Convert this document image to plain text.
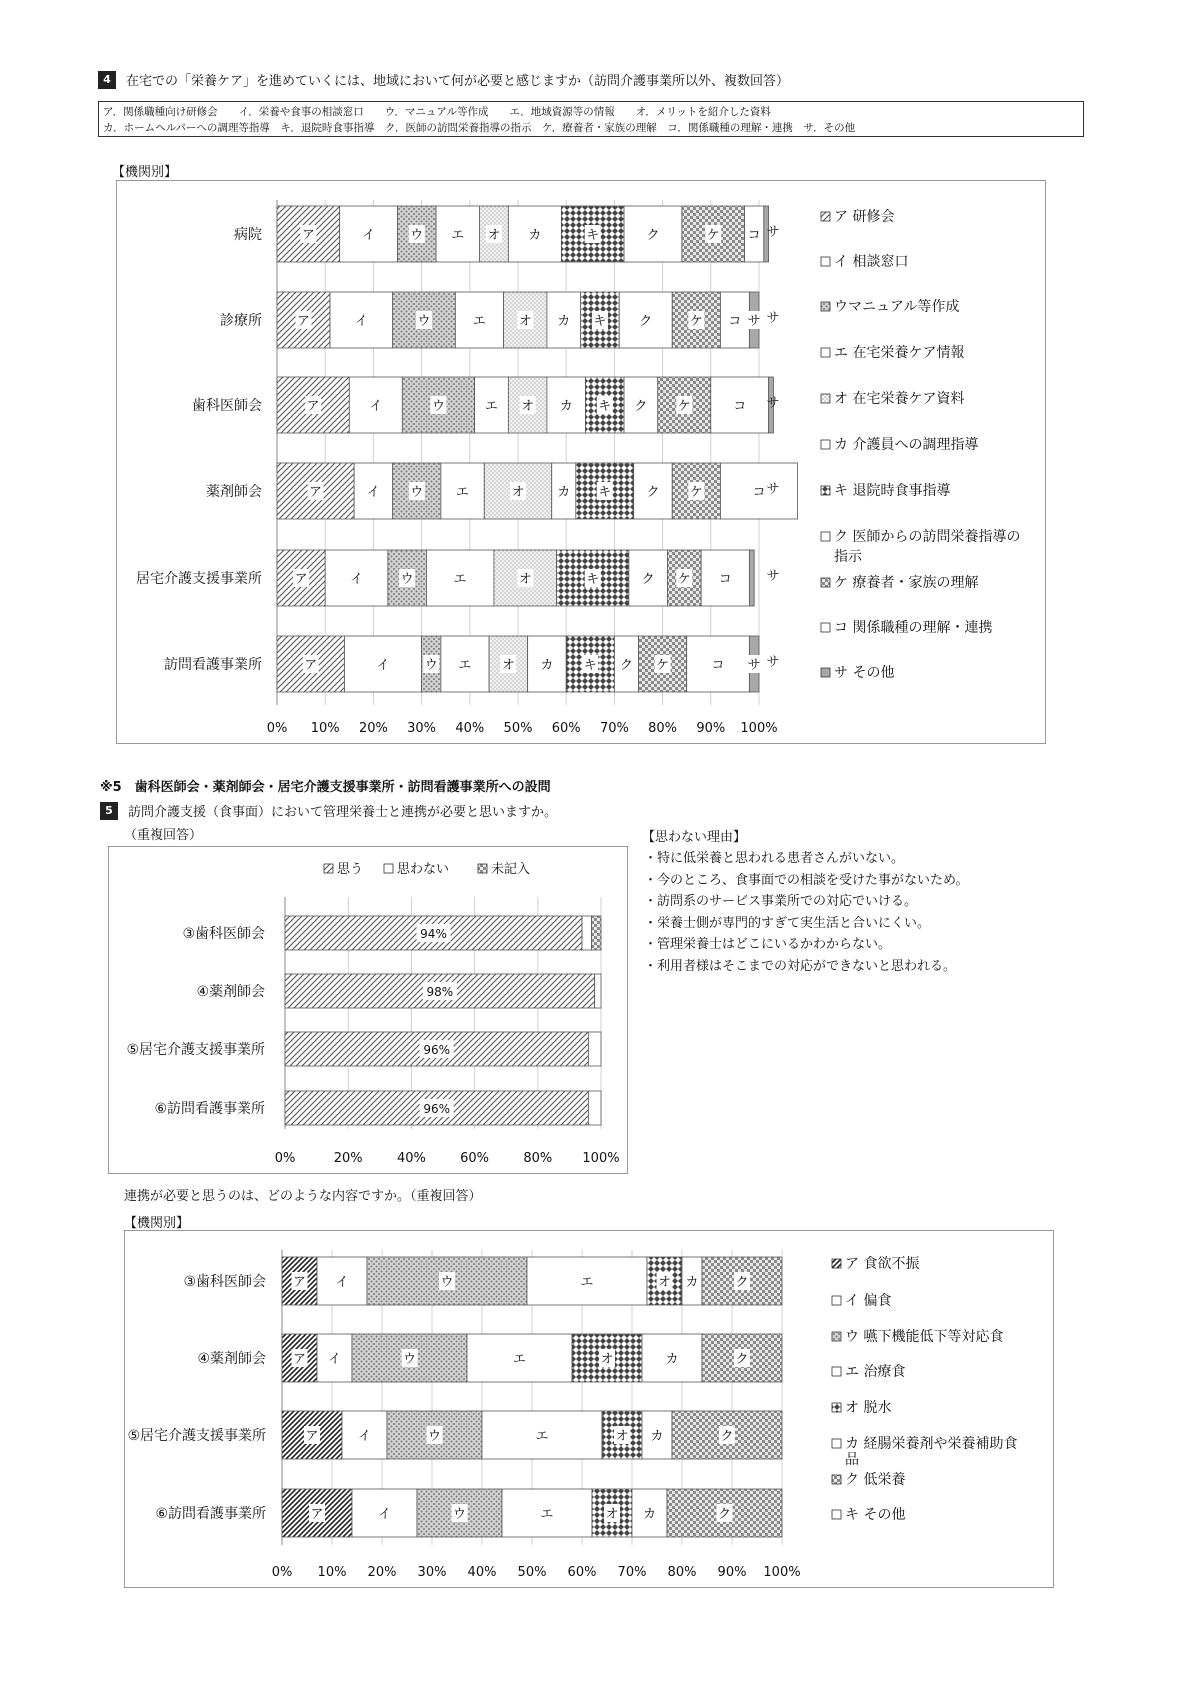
4	在宅での「栄養ケア」を進めていくには、地域において何が必要と感じますか（訪問介護事業所以外、複数回答）
ア．関係職種向け研修会　　イ．栄養や食事の相談窓口　　ウ．マニュアル等作成　　エ．地域資源等の情報　　オ．メリットを紹介した資料
カ．ホームヘルパーへの調理等指導　キ．退院時食事指導　ク．医師の訪問栄養指導の指示　ケ．療養者・家族の理解　コ．関係職種の理解・連携　サ．その他
【機関別】
0% 10% 20% 30% 40% 50% 60% 70% 80% 90% 100%
病院	ア	イ	ウ エ オ カ	キ	ク	ケ コ サ
診療所	ア	イ	ウ	エ	オ カ キ	ク	ケ コ サ サ
歯科医師会	ア	イ	ウ	エ オ カ キ ク ケ	コ サ
薬剤師会	ア	イ ウ	エ	オ	カ キ	ク ケ	コ サ
居宅介護支援事業所	ア	イ	ウ	エ	オ	キ	ク ケ コ	サ
訪問看護事業所	ア	イ	ウ エ オ カ キ ク ケ	コ サ サ
ア 研修会
イ 相談窓口
ウマニュアル等作成
エ 在宅栄養ケア情報
オ 在宅栄養ケア資料
カ 介護員への調理指導
キ 退院時食事指導
ク 医師からの訪問栄養指導の
指示
ケ 療養者・家族の理解
コ 関係職種の理解・連携
サ その他
0%	20%	40%	60%	80% 100%
③歯科医師会	94%
④薬剤師会	98%
⑤居宅介護支援事業所	96%
⑥訪問看護事業所	96%
思う	思わない	未記入
0% 10% 20% 30% 40% 50% 60% 70% 80% 90% 100%
③歯科医師会 ア イ	ウ	エ	オ カ	ク
④薬剤師会 ア イ	ウ	エ	オ	カ	ク
⑤居宅介護支援事業所	ア	イ	ウ	エ	オ カ	ク
⑥訪問看護事業所	ア	イ	ウ	エ	オ カ	ク
ア 食欲不振
イ 偏食
ウ 嚥下機能低下等対応食
エ 治療食
オ 脱水
カ 経腸栄養剤や栄養補助食
品
ク 低栄養
キ その他
※5　歯科医師会・薬剤師会・居宅介護支援事業所・訪問看護事業所への設問
5	訪問介護支援（食事面）において管理栄養士と連携が必要と思いますか。
（重複回答）	【思わない理由】
・特に低栄養と思われる患者さんがいない。
・今のところ、食事面での相談を受けた事がないため。
・訪問系のサービス事業所での対応でいける。
・栄養士側が専門的すぎて実生活と合いにくい。
・管理栄養士はどこにいるかわからない。
・利用者様はそこまでの対応ができないと思われる。
連携が必要と思うのは、どのような内容ですか。（重複回答）
【機関別】
